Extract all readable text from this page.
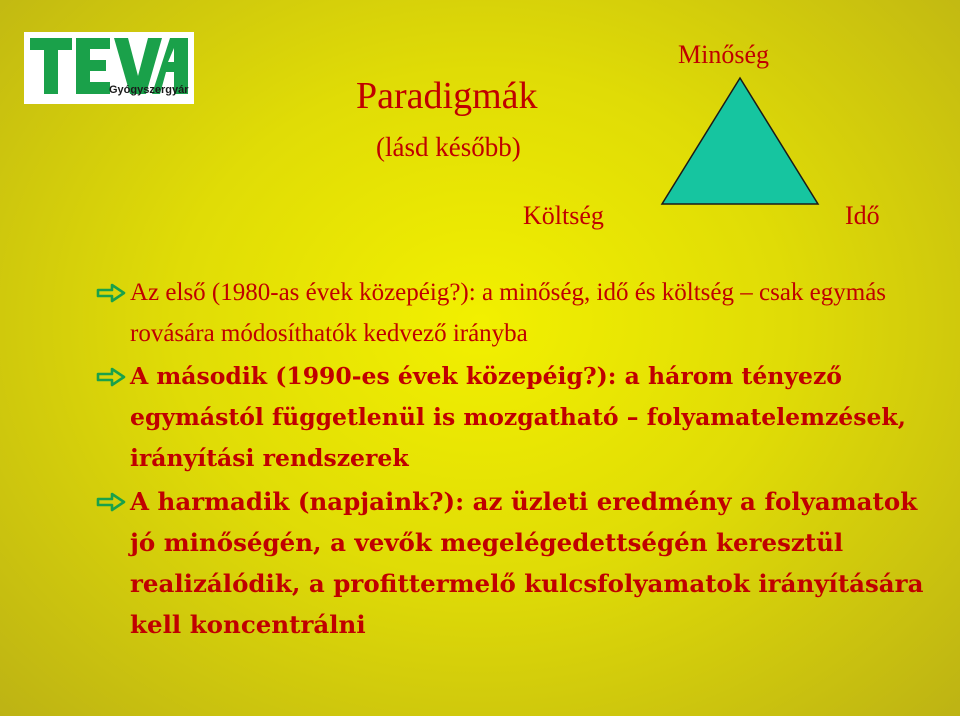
Gyógyszergyár	Paradigmák
(lásd később)
Minőség
Költség	Idő
Az első (1980-as évek közepéig?): a minőség, idő és költség – csak egymás rovására módosíthatók kedvező irányba
A második (1990-es évek közepéig?): a három tényező egymástól függetlenül is mozgatható – folyamatelemzések, irányítási rendszerek
A harmadik (napjaink?): az üzleti eredmény a folyamatok jó minőségén, a vevők megelégedettségén keresztül realizálódik, a profittermelő kulcsfolyamatok irányítására kell koncentrálni
